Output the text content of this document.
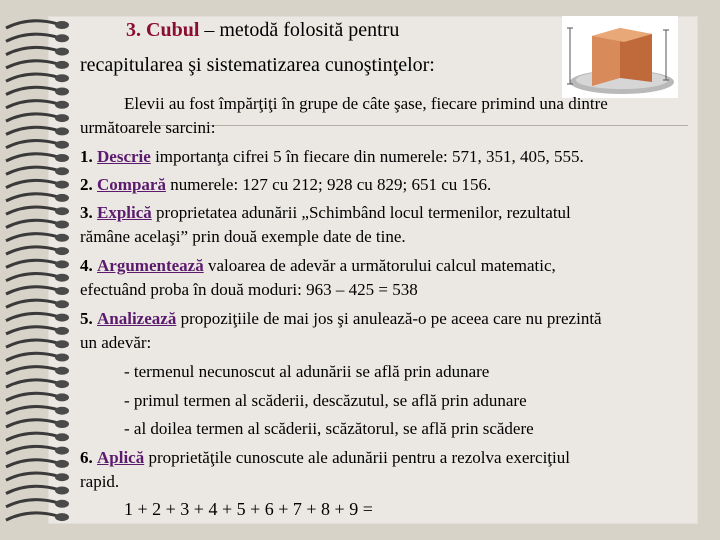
3. Cubul – metodă folosită pentru
recapitularea şi sistematizarea cunoştinţelor:
Elevii au fost împărţiţi în grupe de câte şase, fiecare primind una dintre
următoarele sarcini:
1. Descrie importanţa cifrei 5 în fiecare din numerele: 571, 351, 405, 555.
2. Compară numerele: 127 cu 212; 928 cu 829; 651 cu 156.
3. Explică proprietatea adunării „Schimbând locul termenilor, rezultatul
rămâne acelaşi” prin două exemple date de tine.
4. Argumentează valoarea de adevăr a următorului calcul matematic,
efectuând proba în două moduri: 963 – 425 = 538
5. Analizează propoziţiile de mai jos şi anulează-o pe aceea care nu prezintă
un adevăr:
- termenul necunoscut al adunării se află prin adunare
- primul termen al scăderii, descăzutul, se află prin adunare
- al doilea termen al scăderii, scăzătorul, se află prin scădere
6. Aplică proprietăţile cunoscute ale adunării pentru a rezolva exerciţiul
rapid.
1 + 2 + 3 + 4 + 5 + 6 + 7 + 8 + 9 =
